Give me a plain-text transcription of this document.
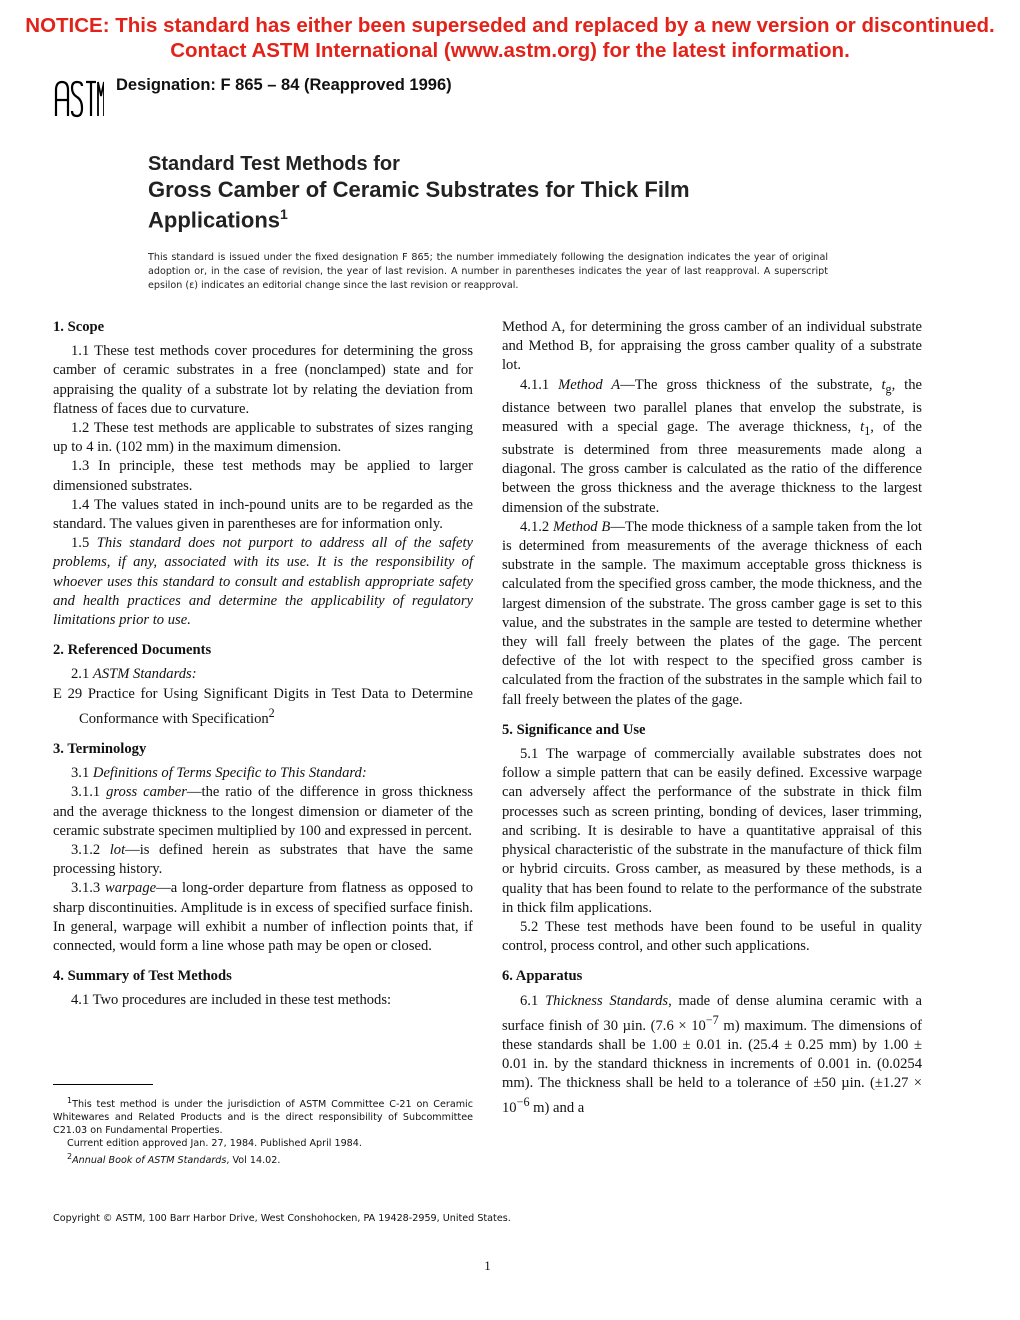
NOTICE: This standard has either been superseded and replaced by a new version or discontinued.
Contact ASTM International (www.astm.org) for the latest information.
Designation: F 865 – 84 (Reapproved 1996)
Standard Test Methods for
Gross Camber of Ceramic Substrates for Thick Film
Applications$^1$
This standard is issued under the fixed designation F 865; the number immediately following the designation indicates the year of original adoption or, in the case of revision, the year of last revision. A number in parentheses indicates the year of last reapproval. A superscript epsilon (ε) indicates an editorial change since the last revision or reapproval.
1. Scope

1.1 These test methods cover procedures for determining the gross camber of ceramic substrates in a free (nonclamped) state and for appraising the quality of a substrate lot by relating the deviation from flatness of faces due to curvature.

1.2 These test methods are applicable to substrates of sizes ranging up to 4 in. (102 mm) in the maximum dimension.

1.3 In principle, these test methods may be applied to larger dimensioned substrates.

1.4 The values stated in inch-pound units are to be regarded as the standard. The values given in parentheses are for information only.

1.5 This standard does not purport to address all of the safety problems, if any, associated with its use. It is the responsibility of whoever uses this standard to consult and establish appropriate safety and health practices and determine the applicability of regulatory limitations prior to use.

2. Referenced Documents

2.1 ASTM Standards:

E 29 Practice for Using Significant Digits in Test Data to Determine Conformance with Specification$^2$

3. Terminology

3.1 Definitions of Terms Specific to This Standard:

3.1.1 gross camber—the ratio of the difference in gross thickness and the average thickness to the longest dimension or diameter of the ceramic substrate specimen multiplied by 100 and expressed in percent.

3.1.2 lot—is defined herein as substrates that have the same processing history.

3.1.3 warpage—a long-order departure from flatness as opposed to sharp discontinuities. Amplitude is in excess of specified surface finish. In general, warpage will exhibit a number of inflection points that, if connected, would form a line whose path may be open or closed.

4. Summary of Test Methods

4.1 Two procedures are included in these test methods:

Method A, for determining the gross camber of an individual substrate and Method B, for appraising the gross camber quality of a substrate lot.

4.1.1 Method A—The gross thickness of the substrate, $t_g$, the distance between two parallel planes that envelop the substrate, is measured with a special gage. The average thickness, $t_1$, of the substrate is determined from three measurements made along a diagonal. The gross camber is calculated as the ratio of the difference between the gross thickness and the average thickness to the largest dimension of the substrate.

4.1.2 Method B—The mode thickness of a sample taken from the lot is determined from measurements of the average thickness of each substrate in the sample. The maximum acceptable gross thickness is calculated from the specified gross camber, the mode thickness, and the largest dimension of the substrate. The gross camber gage is set to this value, and the substrates in the sample are tested to determine whether they will fall freely between the plates of the gage. The percent defective of the lot with respect to the specified gross camber is calculated from the fraction of the substrates in the sample which fail to fall freely between the plates of the gage.

5. Significance and Use

5.1 The warpage of commercially available substrates does not follow a simple pattern that can be easily defined. Excessive warpage can adversely affect the performance of the substrate in thick film processes such as screen printing, bonding of devices, laser trimming, and scribing. It is desirable to have a quantitative appraisal of this physical characteristic of the substrate in the manufacture of thick film or hybrid circuits. Gross camber, as measured by these methods, is a quality that has been found to relate to the performance of the substrate in thick film applications.

5.2 These test methods have been found to be useful in quality control, process control, and other such applications.

6. Apparatus

6.1 Thickness Standards, made of dense alumina ceramic with a surface finish of 30 µin. ($7.6 \times 10^{-7}$ m) maximum. The dimensions of these standards shall be 1.00 ± 0.01 in. (25.4 ± 0.25 mm) by 1.00 ± 0.01 in. by the standard thickness in increments of 0.001 in. (0.0254 mm). The thickness shall be held to a tolerance of ±50 µin. ($\pm 1.27 \times 10^{-6}$ m) and a

$^1$This test method is under the jurisdiction of ASTM Committee C-21 on Ceramic Whitewares and Related Products and is the direct responsibility of Subcommittee C21.03 on Fundamental Properties.

Current edition approved Jan. 27, 1984. Published April 1984.

$^2$Annual Book of ASTM Standards, Vol 14.02.

Copyright © ASTM, 100 Barr Harbor Drive, West Conshohocken, PA 19428-2959, United States.
1
